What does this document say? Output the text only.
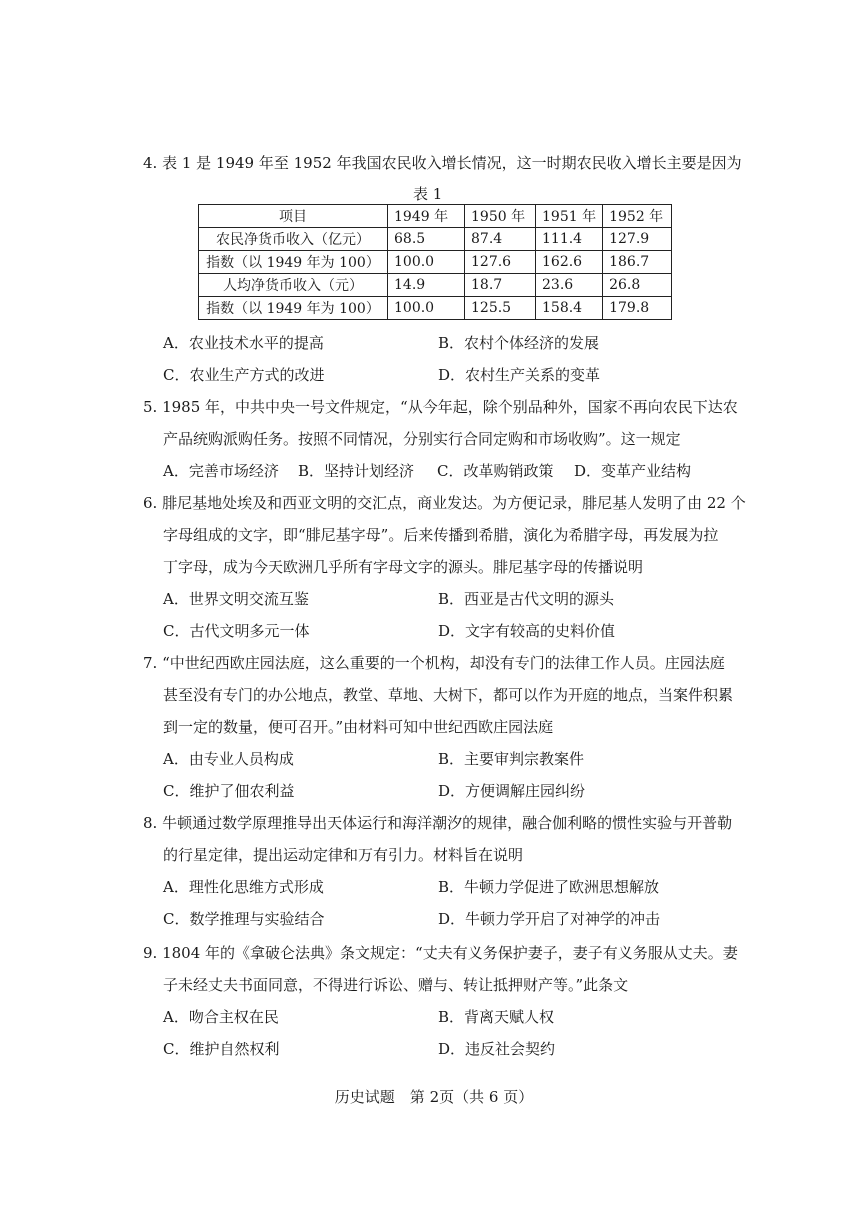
4. 表 1 是 1949 年至 1952 年我国农民收入增长情况，这一时期农民收入增长主要是因为
表 1
项目	1949 年	1950 年	1951 年	1952 年
农民净货币收入（亿元）	68.5	87.4	111.4	127.9
指数（以 1949 年为 100）	100.0	127.6	162.6	186.7
人均净货币收入（元）	14.9	18.7	23.6	26.8
指数（以 1949 年为 100）	100.0	125.5	158.4	179.8
A．农业技术水平的提高	B．农村个体经济的发展
C．农业生产方式的改进	D．农村生产关系的变革
5. 1985 年，中共中央一号文件规定，“从今年起，除个别品种外，国家不再向农民下达农
产品统购派购任务。按照不同情况，分别实行合同定购和市场收购”。这一规定
A．完善市场经济 B．坚持计划经济 C．改革购销政策 D．变革产业结构
6. 腓尼基地处埃及和西亚文明的交汇点，商业发达。为方便记录，腓尼基人发明了由 22 个
字母组成的文字，即“腓尼基字母”。后来传播到希腊，演化为希腊字母，再发展为拉
丁字母，成为今天欧洲几乎所有字母文字的源头。腓尼基字母的传播说明
A．世界文明交流互鉴	B．西亚是古代文明的源头
C．古代文明多元一体	D．文字有较高的史料价值
7. “中世纪西欧庄园法庭，这么重要的一个机构，却没有专门的法律工作人员。庄园法庭
甚至没有专门的办公地点，教堂、草地、大树下，都可以作为开庭的地点，当案件积累
到一定的数量，便可召开。”由材料可知中世纪西欧庄园法庭
A．由专业人员构成	B．主要审判宗教案件
C．维护了佃农利益	D．方便调解庄园纠纷
8. 牛顿通过数学原理推导出天体运行和海洋潮汐的规律，融合伽利略的惯性实验与开普勒
的行星定律，提出运动定律和万有引力。材料旨在说明
A．理性化思维方式形成	B．牛顿力学促进了欧洲思想解放
C．数学推理与实验结合	D．牛顿力学开启了对神学的冲击
9. 1804 年的《拿破仑法典》条文规定：“丈夫有义务保护妻子，妻子有义务服从丈夫。妻
子未经丈夫书面同意，不得进行诉讼、赠与、转让抵押财产等。”此条文
A．吻合主权在民	B．背离天赋人权
C．维护自然权利	D．违反社会契约
历史试题　第 2页（共 6 页）
